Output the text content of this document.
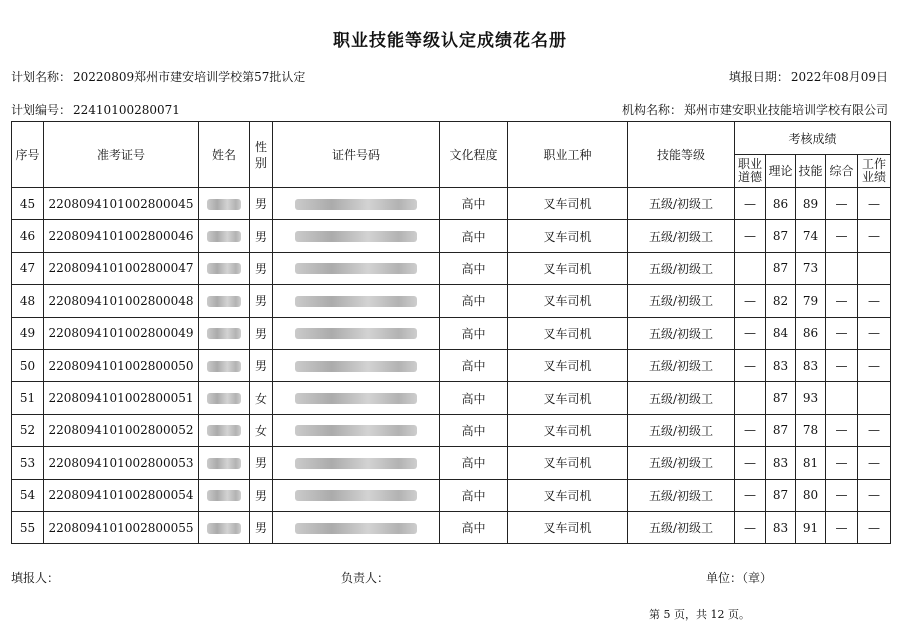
职业技能等级认定成绩花名册
计划名称： 20220809郑州市建安培训学校第57批认定	填报日期： 2022年08月09日
计划编号： 22410100280071	机构名称： 郑州市建安职业技能培训学校有限公司
序号	准考证号	姓名	性别	证件号码	文化程度	职业工种	技能等级	考核成绩				
								职业道德	理论	技能	综合	工作业绩
45	2208094101002800045		男		高中	叉车司机	五级/初级工	—	86	89	—	—
46	2208094101002800046		男		高中	叉车司机	五级/初级工	—	87	74	—	—
47	2208094101002800047		男		高中	叉车司机	五级/初级工		87	73		
48	2208094101002800048		男		高中	叉车司机	五级/初级工	—	82	79	—	—
49	2208094101002800049		男		高中	叉车司机	五级/初级工	—	84	86	—	—
50	2208094101002800050		男		高中	叉车司机	五级/初级工	—	83	83	—	—
51	2208094101002800051		女		高中	叉车司机	五级/初级工		87	93		
52	2208094101002800052		女		高中	叉车司机	五级/初级工	—	87	78	—	—
53	2208094101002800053		男		高中	叉车司机	五级/初级工	—	83	81	—	—
54	2208094101002800054		男		高中	叉车司机	五级/初级工	—	87	80	—	—
55	2208094101002800055		男		高中	叉车司机	五级/初级工	—	83	91	—	—
填报人：	负责人：	单位：（章）
第 5 页，共 12 页。
